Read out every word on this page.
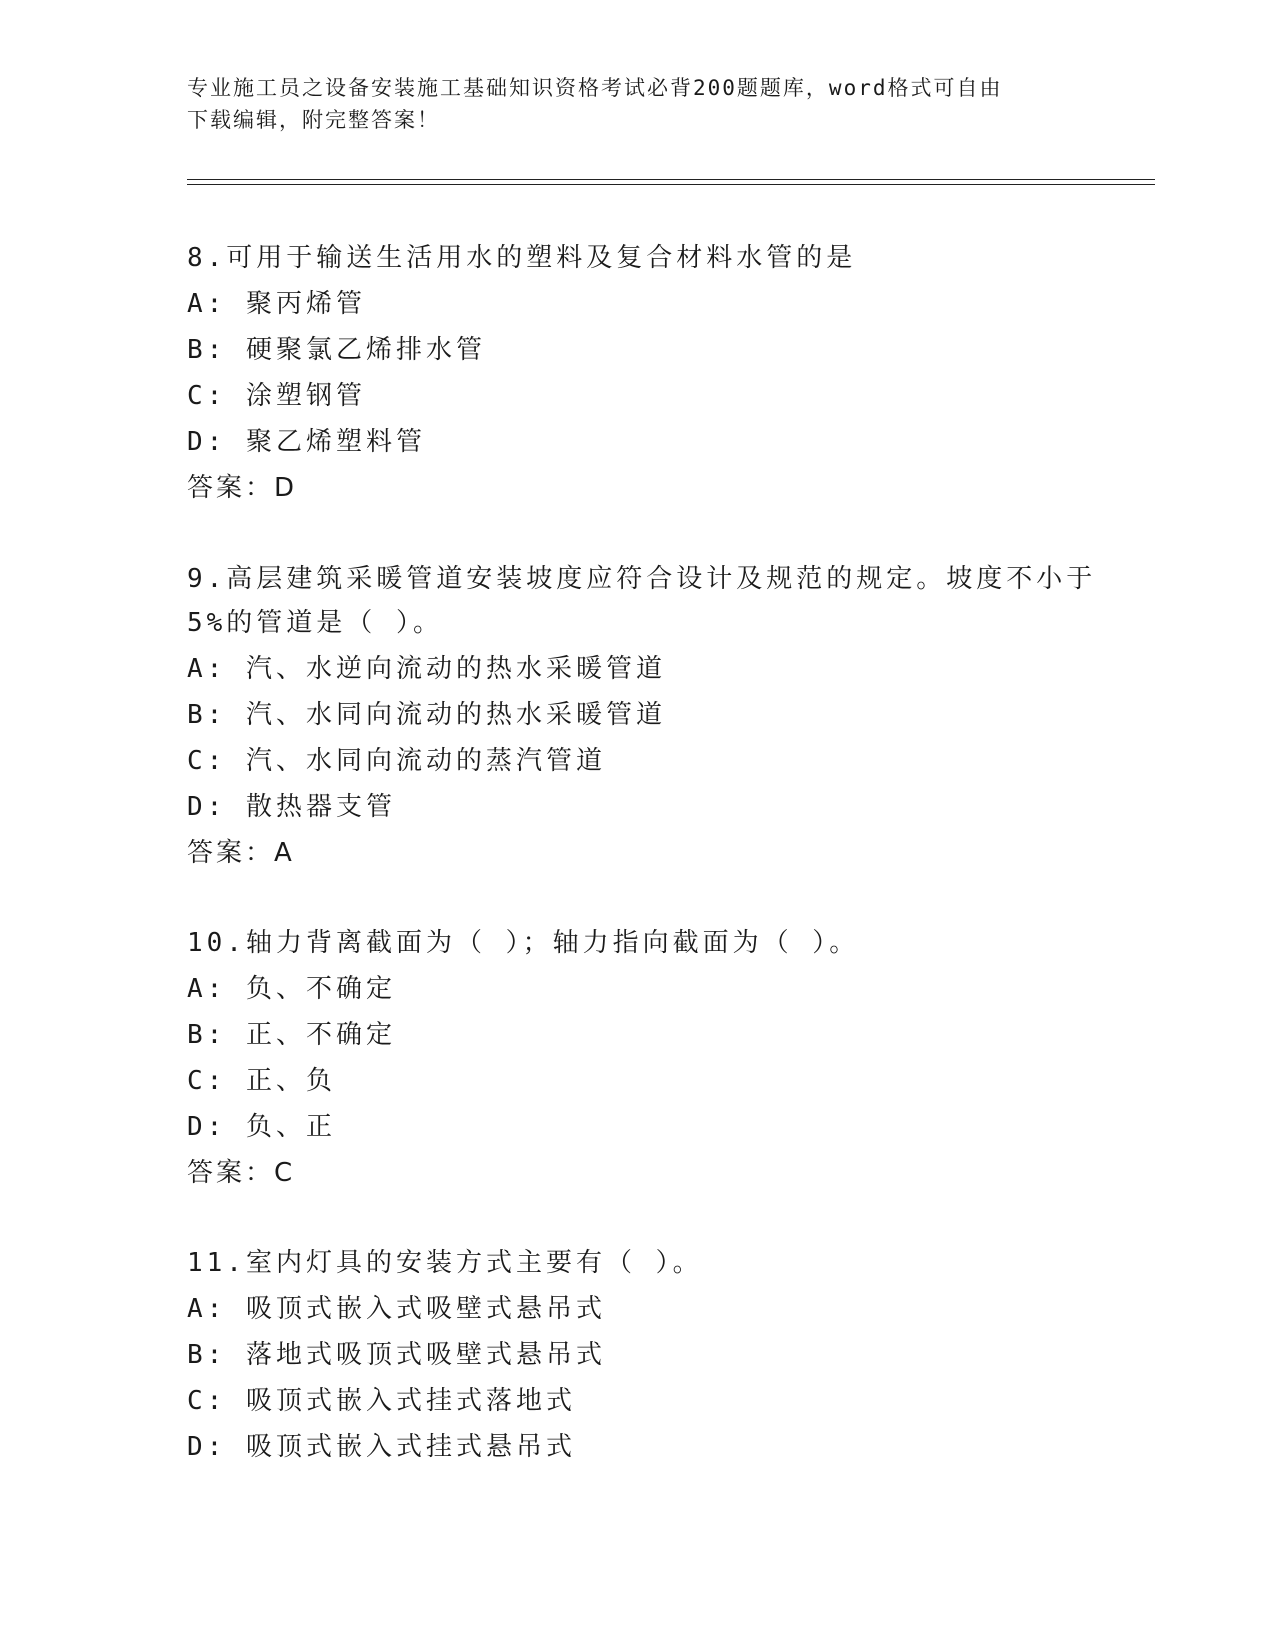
专业施工员之设备安装施工基础知识资格考试必背200题题库，word格式可自由
下载编辑，附完整答案！
8.可用于输送生活用水的塑料及复合材料水管的是
A: 聚丙烯管
B: 硬聚氯乙烯排水管
C: 涂塑钢管
D: 聚乙烯塑料管
答案：D
9.高层建筑采暖管道安装坡度应符合设计及规范的规定。坡度不小于
5%的管道是（ ）。
A: 汽、水逆向流动的热水采暖管道
B: 汽、水同向流动的热水采暖管道
C: 汽、水同向流动的蒸汽管道
D: 散热器支管
答案：A
10.轴力背离截面为（ ）；轴力指向截面为（ ）。
A: 负、不确定
B: 正、不确定
C: 正、负
D: 负、正
答案：C
11.室内灯具的安装方式主要有（ ）。
A: 吸顶式嵌入式吸壁式悬吊式
B: 落地式吸顶式吸壁式悬吊式
C: 吸顶式嵌入式挂式落地式
D: 吸顶式嵌入式挂式悬吊式
